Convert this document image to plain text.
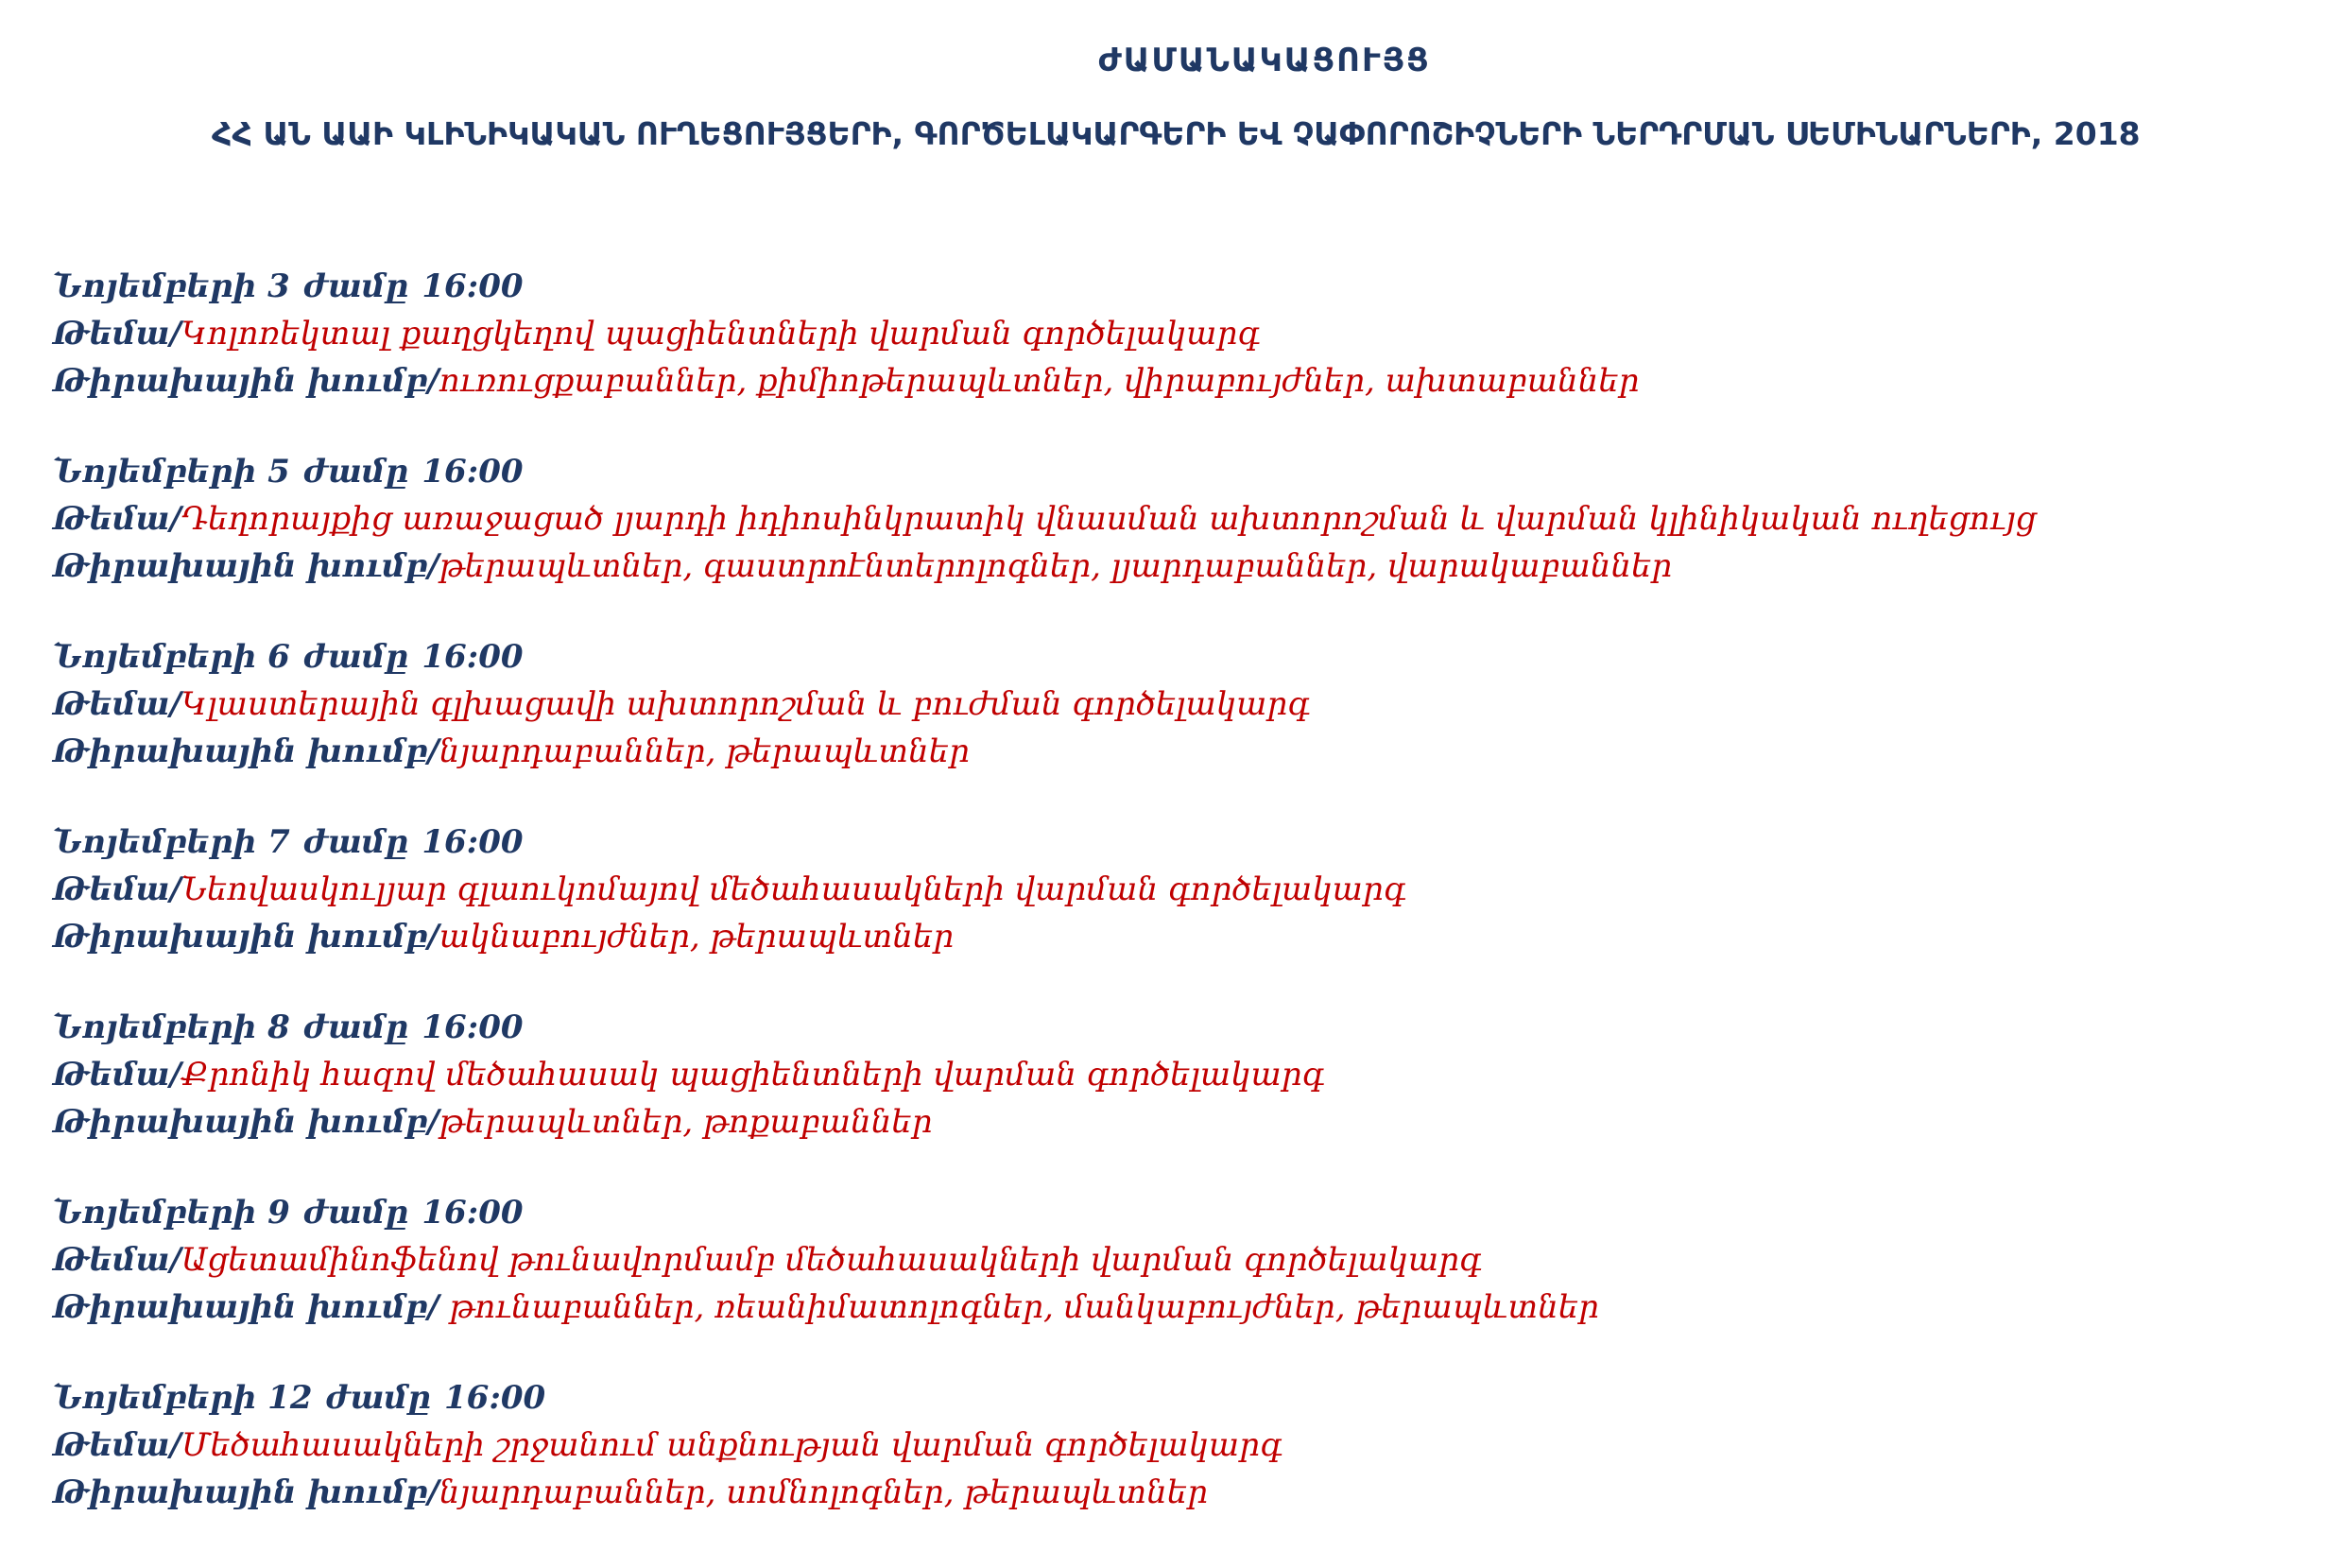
ԺԱՄԱՆԱԿԱՑՈՒՅՑ
ՀՀ ԱՆ ԱԱԻ ԿԼԻՆԻԿԱԿԱՆ ՈՒՂԵՑՈՒՅՑԵՐԻ, ԳՈՐԾԵԼԱԿԱՐԳԵՐԻ ԵՎ ՉԱՓՈՐՈՇԻՉՆԵՐԻ ՆԵՐԴՐՄԱՆ ՍԵՄԻՆԱՐՆԵՐԻ, 2018
Նոյեմբերի 3 ժամը 16:00
Թեմա/Կոլոռեկտալ քաղցկեղով պացիենտների վարման գործելակարգ
Թիրախային խումբ/ուռուցքաբաններ, քիմիոթերապևտներ, վիրաբույժներ, ախտաբաններ
Նոյեմբերի 5 ժամը 16:00
Թեմա/Դեղորայքից առաջացած լյարդի իդիոսինկրատիկ վնասման ախտորոշման և վարման կլինիկական ուղեցույց
Թիրախային խումբ/թերապևտներ, գաստրոէնտերոլոգներ, լյարդաբաններ, վարակաբաններ
Նոյեմբերի 6 ժամը 16:00
Թեմա/Կլաստերային գլխացավի ախտորոշման և բուժման գործելակարգ
Թիրախային խումբ/նյարդաբաններ, թերապևտներ
Նոյեմբերի 7 ժամը 16:00
Թեմա/Նեովասկուլյար գլաուկոմայով մեծահասակների վարման գործելակարգ
Թիրախային խումբ/ակնաբույժներ, թերապևտներ
Նոյեմբերի 8 ժամը 16:00
Թեմա/Քրոնիկ հազով մեծահասակ պացիենտների վարման գործելակարգ
Թիրախային խումբ/թերապևտներ, թոքաբաններ
Նոյեմբերի 9 ժամը 16:00
Թեմա/Ացետամինոֆենով թունավորմամբ մեծահասակների վարման գործելակարգ
Թիրախային խումբ/ թունաբաններ, ռեանիմատոլոգներ, մանկաբույժներ, թերապևտներ
Նոյեմբերի 12 ժամը 16:00
Թեմա/Մեծահասակների շրջանում անքնության վարման գործելակարգ
Թիրախային խումբ/նյարդաբաններ, սոմնոլոգներ, թերապևտներ
